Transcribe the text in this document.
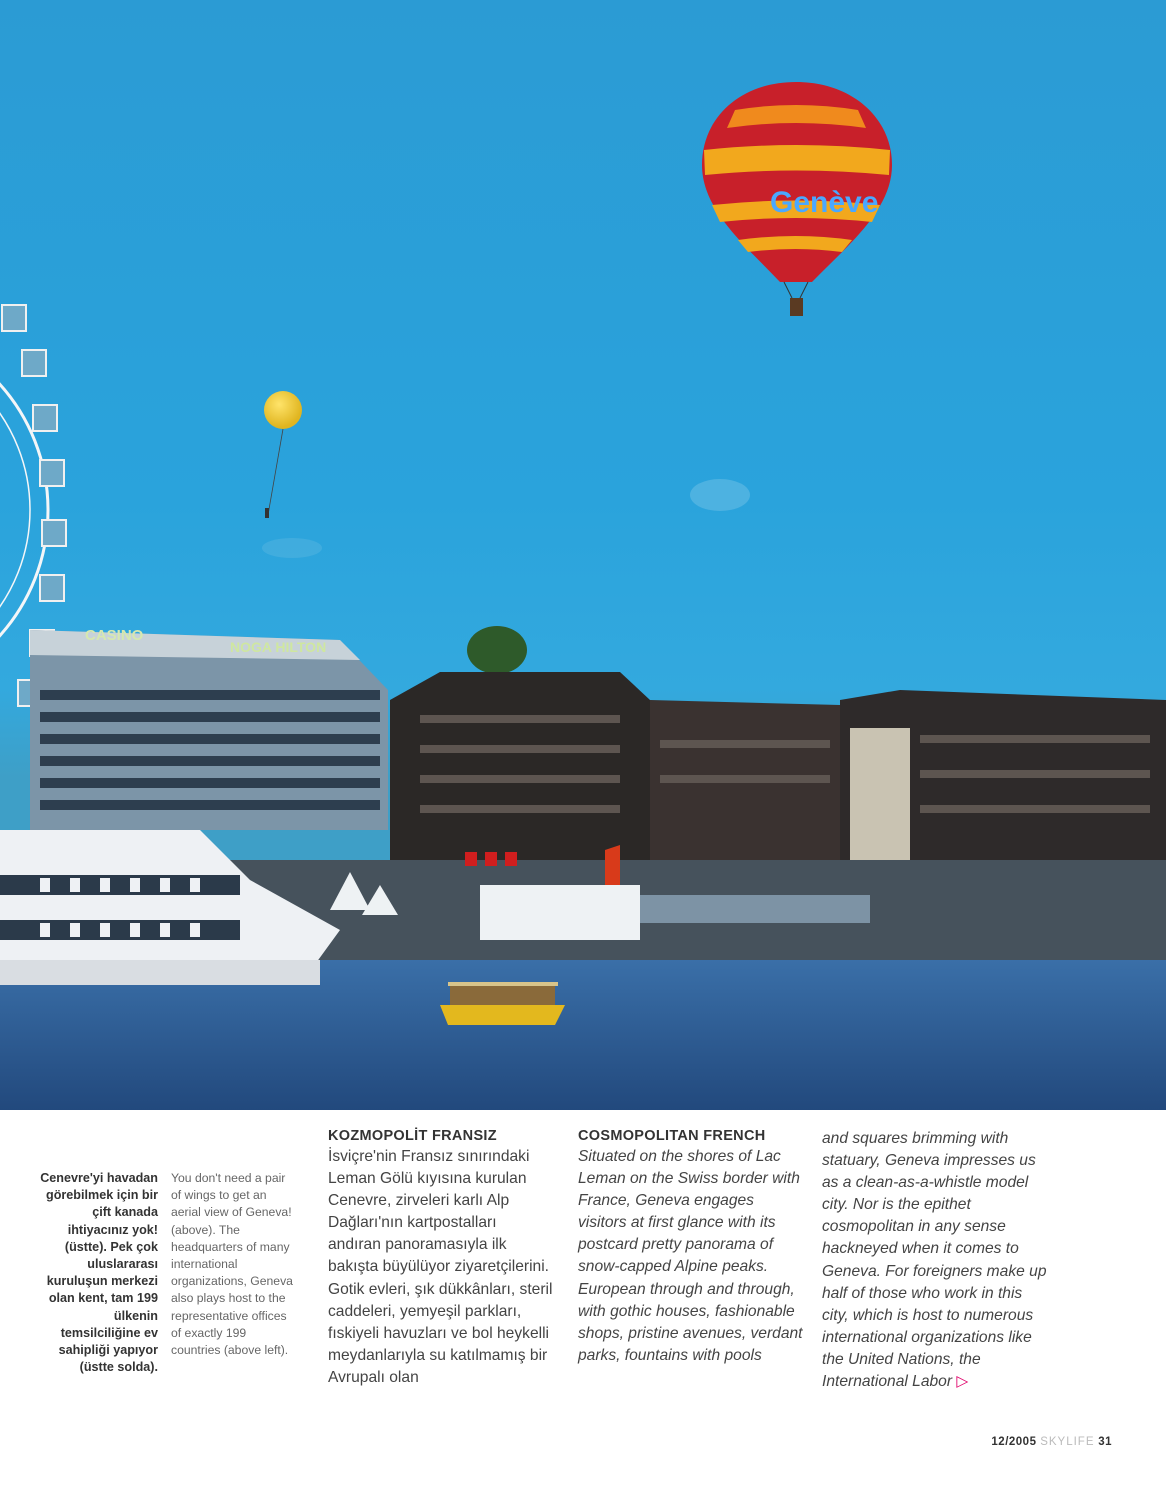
Genève
CASINO
NOGA HILTON
Cenevre'yi havadan görebilmek için bir çift kanada ihtiyacınız yok! (üstte). Pek çok uluslararası kuruluşun merkezi olan kent, tam 199 ülkenin temsilciliğine ev sahipliği yapıyor (üstte solda).
You don't need a pair of wings to get an aerial view of Geneva! (above). The headquarters of many international organizations, Geneva also plays host to the representative offices of exactly 199 countries (above left).
KOZMOPOLİT FRANSIZ

İsviçre'nin Fransız sınırındaki Leman Gölü kıyısına kurulan Cenevre, zirveleri karlı Alp Dağları'nın kartpostalları andıran panoramasıyla ilk bakışta büyülüyor ziyaretçilerini. Gotik evleri, şık dükkânları, steril caddeleri, yemyeşil parkları, fıskiyeli havuzları ve bol heykelli meydanlarıyla su katılmamış bir Avrupalı olan

COSMOPOLITAN FRENCH

Situated on the shores of Lac Leman on the Swiss border with France, Geneva engages visitors at first glance with its postcard pretty panorama of snow-capped Alpine peaks. European through and through, with gothic houses, fashionable shops, pristine avenues, verdant parks, fountains with pools

and squares brimming with statuary, Geneva impresses us as a clean-as-a-whistle model city. Nor is the epithet cosmopolitan in any sense hackneyed when it comes to Geneva. For foreigners make up half of those who work in this city, which is host to numerous international organizations like the United Nations, the International Labor ▷

12/2005 SKYLIFE 31
